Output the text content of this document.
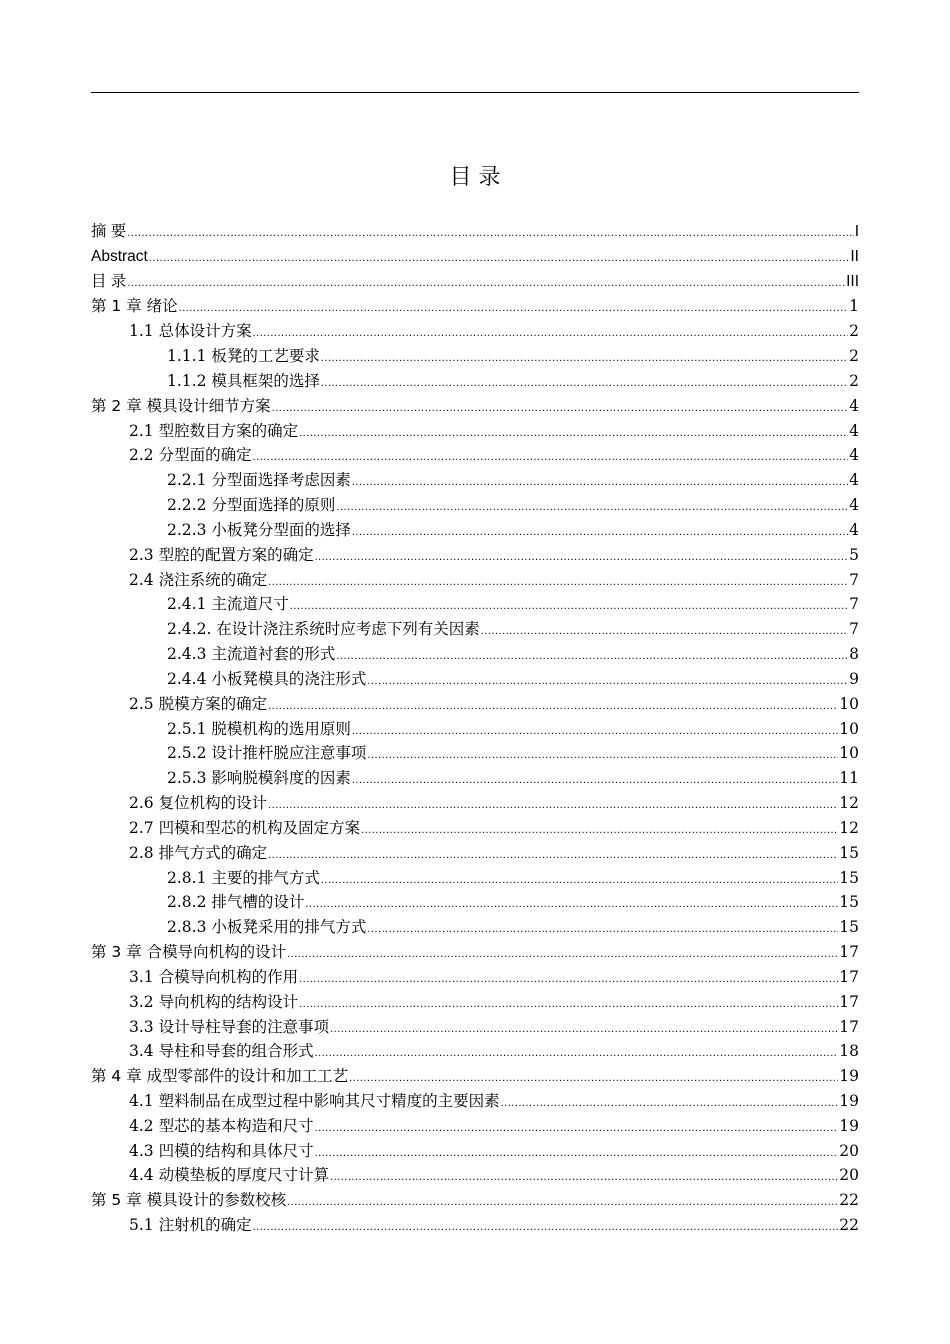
目 录
摘 要 .....	I
Abstract .....	II
目 录 .....	III
第 1 章 绪论 .....	1
1.1 总体设计方案 .....	2
1.1.1 板凳的工艺要求 .....	2
1.1.2 模具框架的选择 .....	2
第 2 章 模具设计细节方案 .....	4
2.1 型腔数目方案的确定 .....	4
2.2 分型面的确定 .....	4
2.2.1 分型面选择考虑因素 .....	4
2.2.2 分型面选择的原则 .....	4
2.2.3 小板凳分型面的选择 .....	4
2.3 型腔的配置方案的确定 .....	5
2.4 浇注系统的确定 .....	7
2.4.1 主流道尺寸 .....	7
2.4.2. 在设计浇注系统时应考虑下列有关因素 .....	7
2.4.3 主流道衬套的形式 .....	8
2.4.4 小板凳模具的浇注形式 .....	9
2.5 脱模方案的确定 .....	10
2.5.1 脱模机构的选用原则 .....	10
2.5.2 设计推杆脱应注意事项 .....	10
2.5.3 影响脱模斜度的因素 .....	11
2.6 复位机构的设计 .....	12
2.7 凹模和型芯的机构及固定方案 .....	12
2.8 排气方式的确定 .....	15
2.8.1 主要的排气方式 .....	15
2.8.2 排气槽的设计 .....	15
2.8.3 小板凳采用的排气方式 .....	15
第 3 章 合模导向机构的设计 .....	17
3.1 合模导向机构的作用 .....	17
3.2 导向机构的结构设计 .....	17
3.3 设计导柱导套的注意事项 .....	17
3.4 导柱和导套的组合形式 .....	18
第 4 章 成型零部件的设计和加工工艺 .....	19
4.1 塑料制品在成型过程中影响其尺寸精度的主要因素 .....	19
4.2 型芯的基本构造和尺寸 .....	19
4.3 凹模的结构和具体尺寸 .....	20
4.4 动模垫板的厚度尺寸计算 .....	20
第 5 章 模具设计的参数校核 .....	22
5.1 注射机的确定 .....	22
